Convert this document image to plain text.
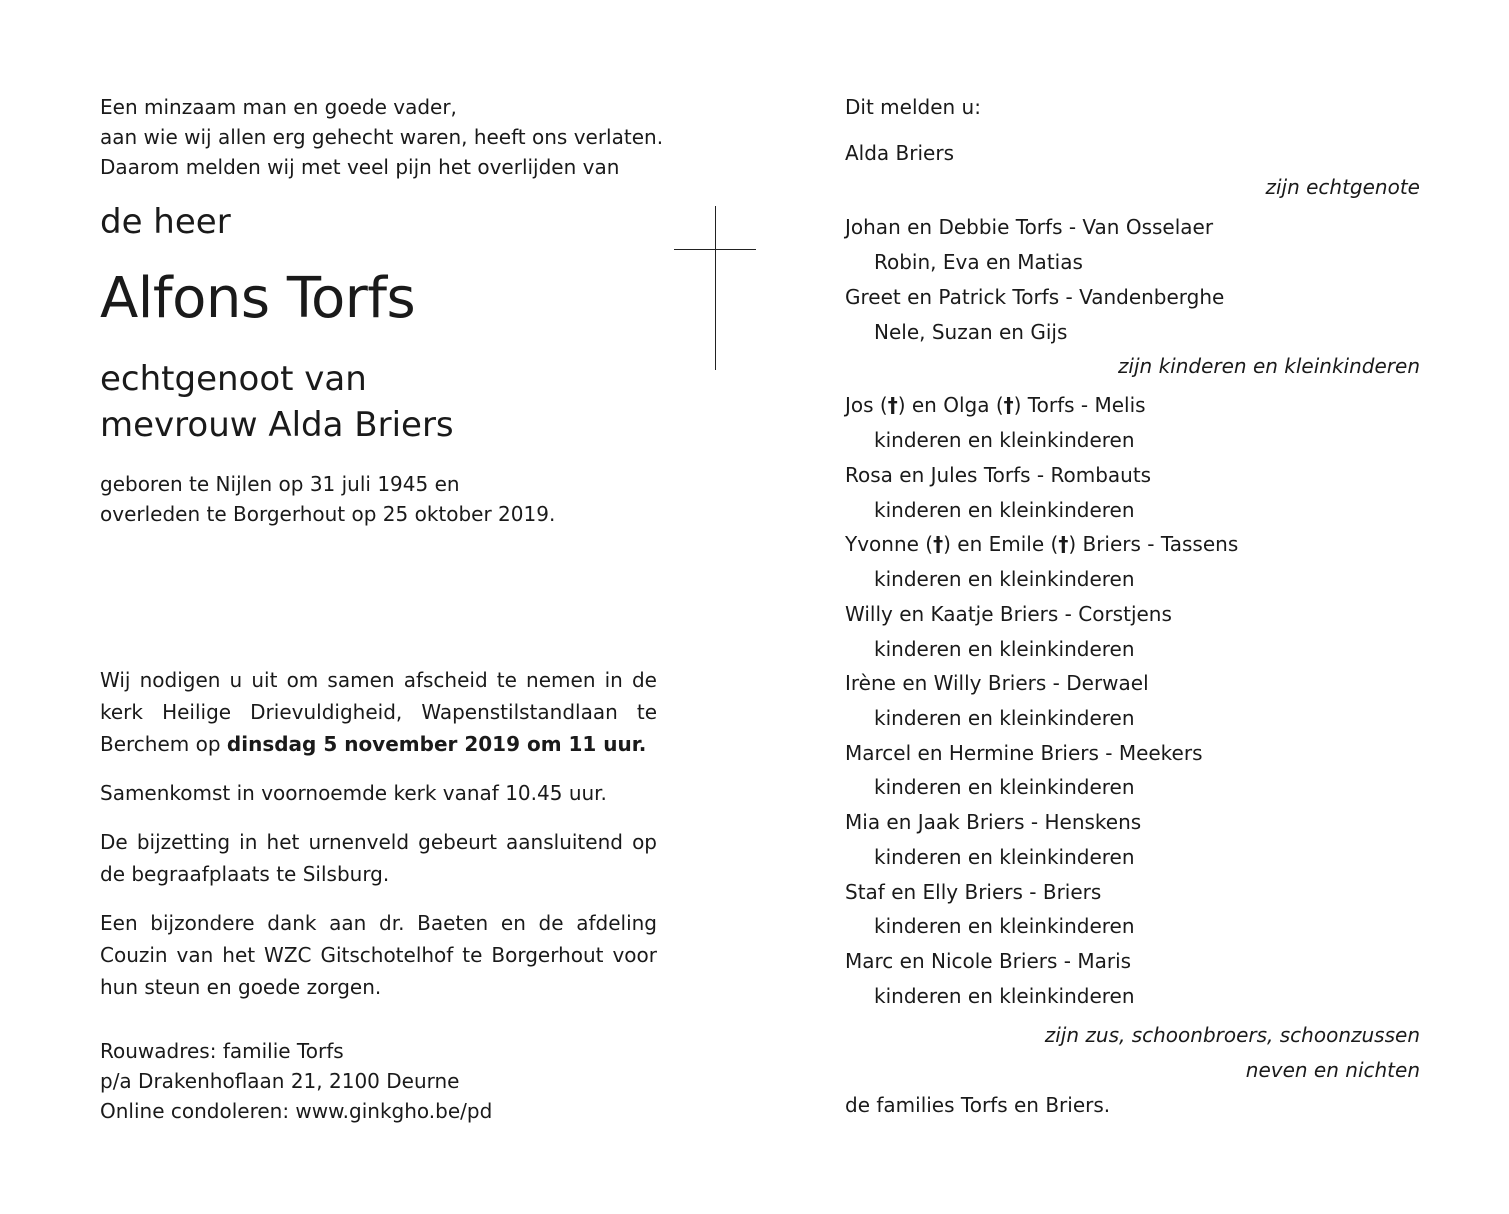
Een minzaam man en goede vader,
aan wie wij allen erg gehecht waren, heeft ons verlaten.
Daarom melden wij met veel pijn het overlijden van
de heer
Alfons Torfs
echtgenoot van
mevrouw Alda Briers
geboren te Nijlen op 31 juli 1945 en
overleden te Borgerhout op 25 oktober 2019.

Wij nodigen u uit om samen afscheid te nemen in de kerk Heilige Drievuldigheid, Wapenstilstandlaan te Berchem op dinsdag 5 november 2019 om 11 uur.

Samenkomst in voornoemde kerk vanaf 10.45 uur.

De bijzetting in het urnenveld gebeurt aansluitend op de begraafplaats te Silsburg.

Een bijzondere dank aan dr. Baeten en de afdeling Couzin van het WZC Gitschotelhof te Borgerhout voor hun steun en goede zorgen.

Rouwadres: familie Torfs
p/a Drakenhoflaan 21, 2100 Deurne
Online condoleren: www.ginkgho.be/pd
Dit melden u:
Alda Briers
zijn echtgenote
Johan en Debbie Torfs - Van Osselaer
Robin, Eva en Matias
Greet en Patrick Torfs - Vandenberghe
Nele, Suzan en Gijs
zijn kinderen en kleinkinderen
Jos (†) en Olga (†) Torfs - Melis
kinderen en kleinkinderen
Rosa en Jules Torfs - Rombauts
kinderen en kleinkinderen
Yvonne (†) en Emile (†) Briers - Tassens
kinderen en kleinkinderen
Willy en Kaatje Briers - Corstjens
kinderen en kleinkinderen
Irène en Willy Briers - Derwael
kinderen en kleinkinderen
Marcel en Hermine Briers - Meekers
kinderen en kleinkinderen
Mia en Jaak Briers - Henskens
kinderen en kleinkinderen
Staf en Elly Briers - Briers
kinderen en kleinkinderen
Marc en Nicole Briers - Maris
kinderen en kleinkinderen
zijn zus, schoonbroers, schoonzussen
neven en nichten
de families Torfs en Briers.
